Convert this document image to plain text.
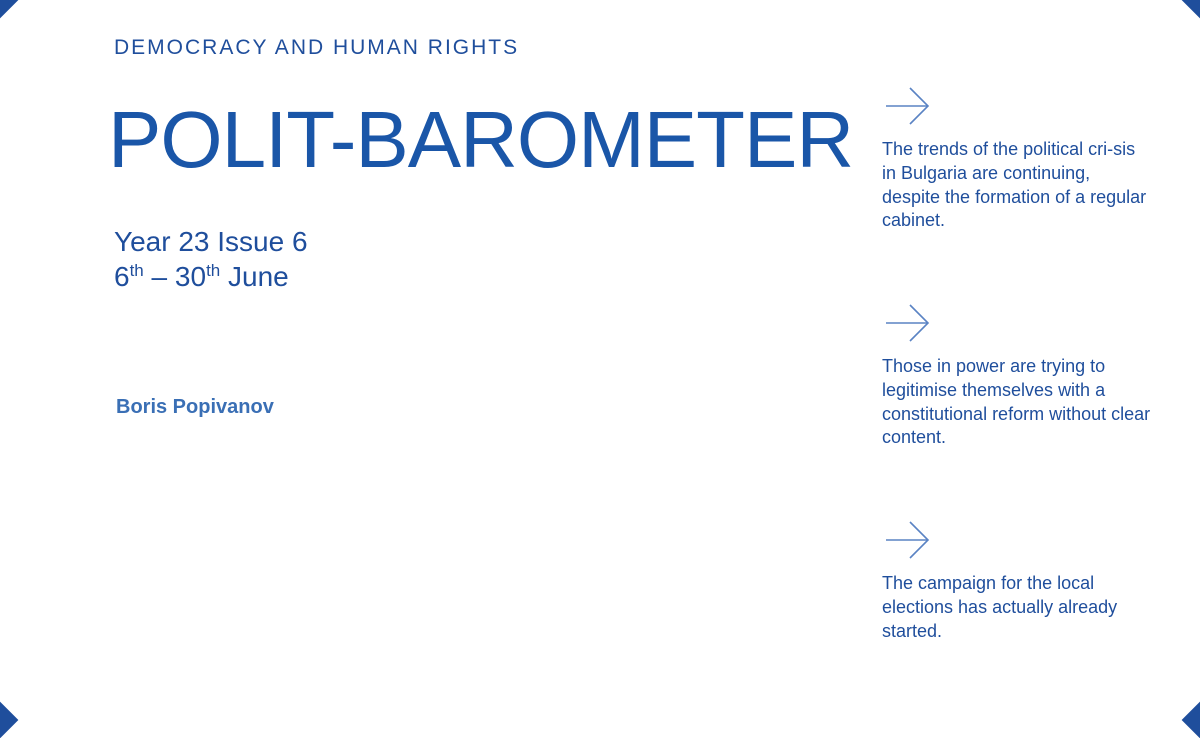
DEMOCRACY AND HUMAN RIGHTS
POLIT-BAROMETER
Year 23 Issue 6
6th – 30th June
Boris Popivanov

The trends of the political cri-sis in Bulgaria are continuing, despite the formation of a regular cabinet.

Those in power are trying to legitimise themselves with a constitutional reform without clear content.

The campaign for the local elections has actually already started.
